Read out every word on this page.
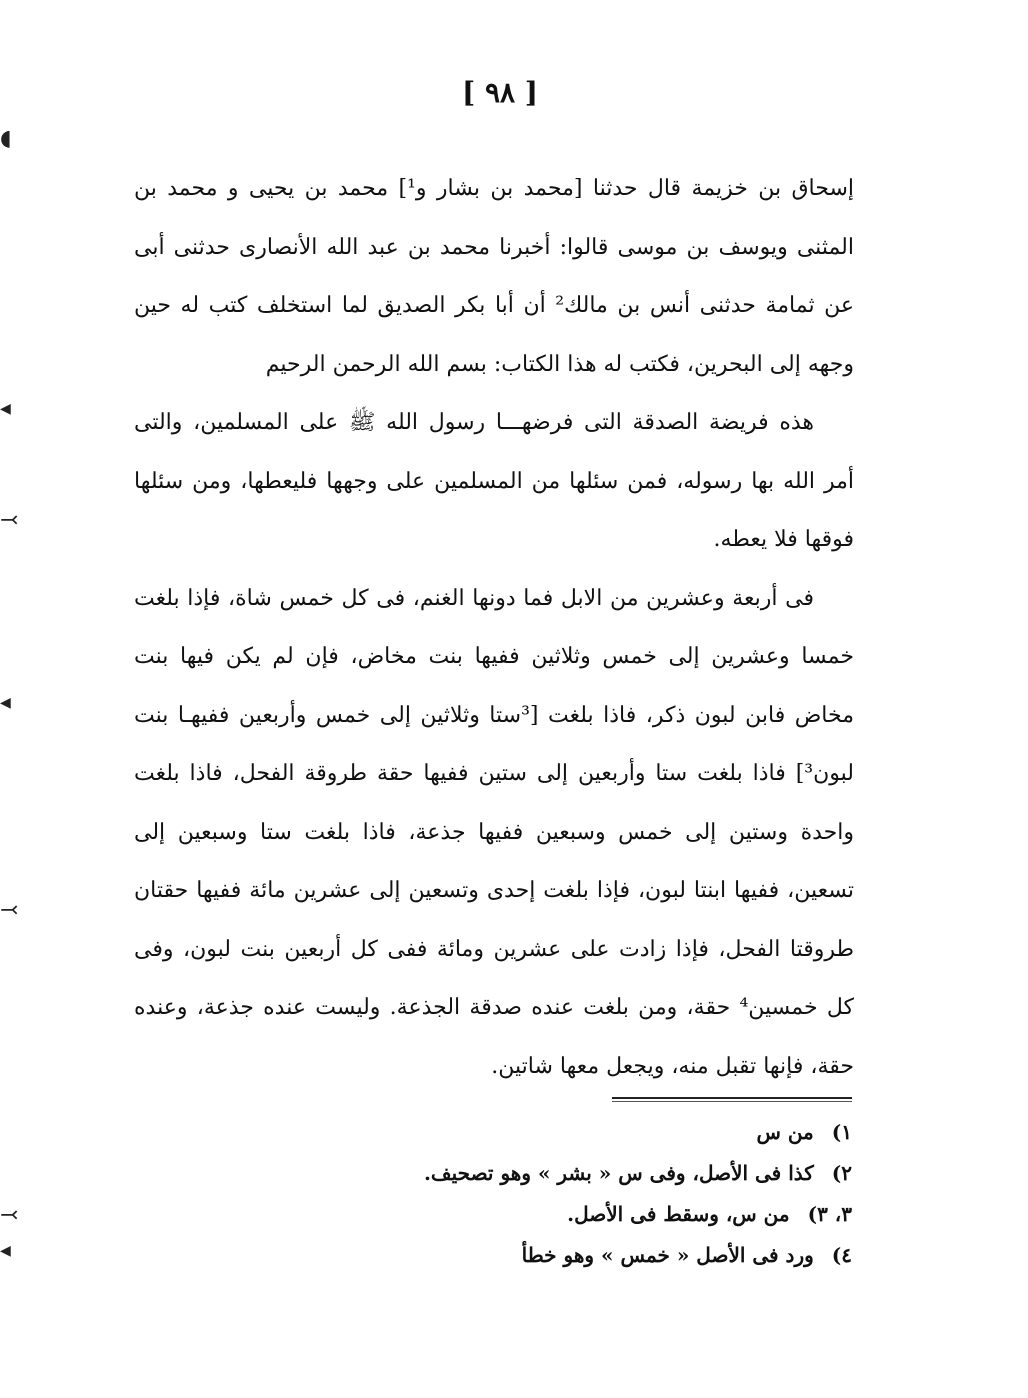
[ ٩٨ ]

إسحاق بن خزيمة قال حدثنا [محمد بن بشار و¹] محمد بن يحيى و محمد بن المثنى ويوسف بن موسى قالوا: أخبرنا محمد بن عبد الله الأنصارى حدثنى أبى عن ثمامة حدثنى أنس بن مالك² أن أبا بكر الصديق لما استخلف كتب له حين وجهه إلى البحرين، فكتب له هذا الكتاب: بسم الله الرحمن الرحيم

هذه فريضة الصدقة التى فرضهـــا رسول الله ﷺ على المسلمين، والتى أمر الله بها رسوله، فمن سئلها من المسلمين على وجهها فليعطها، ومن سئلها فوقها فلا يعطه.

فى أربعة وعشرين من الابل فما دونها الغنم، فى كل خمس شاة، فإذا بلغت خمسا وعشرين إلى خمس وثلاثين ففيها بنت مخاض، فإن لم يكن فيها بنت مخاض فابن لبون ذكر، فاذا بلغت [³ستا وثلاثين إلى خمس وأربعين ففيهـا بنت لبون³] فاذا بلغت ستا وأربعين إلى ستين ففيها حقة طروقة الفحل، فاذا بلغت واحدة وستين إلى خمس وسبعين ففيها جذعة، فاذا بلغت ستا وسبعين إلى تسعين، ففيها ابنتا لبون، فإذا بلغت إحدى وتسعين إلى عشرين مائة ففيها حقتان طروقتا الفحل، فإذا زادت على عشرين ومائة ففى كل أربعين بنت لبون، وفى كل خمسين⁴ حقة، ومن بلغت عنده صدقة الجذعة. وليست عنده جذعة، وعنده حقة، فإنها تقبل منه، ويجعل معها شاتين.

١)من س
٢)كذا فى الأصل، وفى س « بشر » وهو تصحيف.
٣، ٣)من س، وسقط فى الأصل.
٤)ورد فى الأصل « خمس » وهو خطأ
◖
◀
⤙
◀
⤙
⤙
◀
